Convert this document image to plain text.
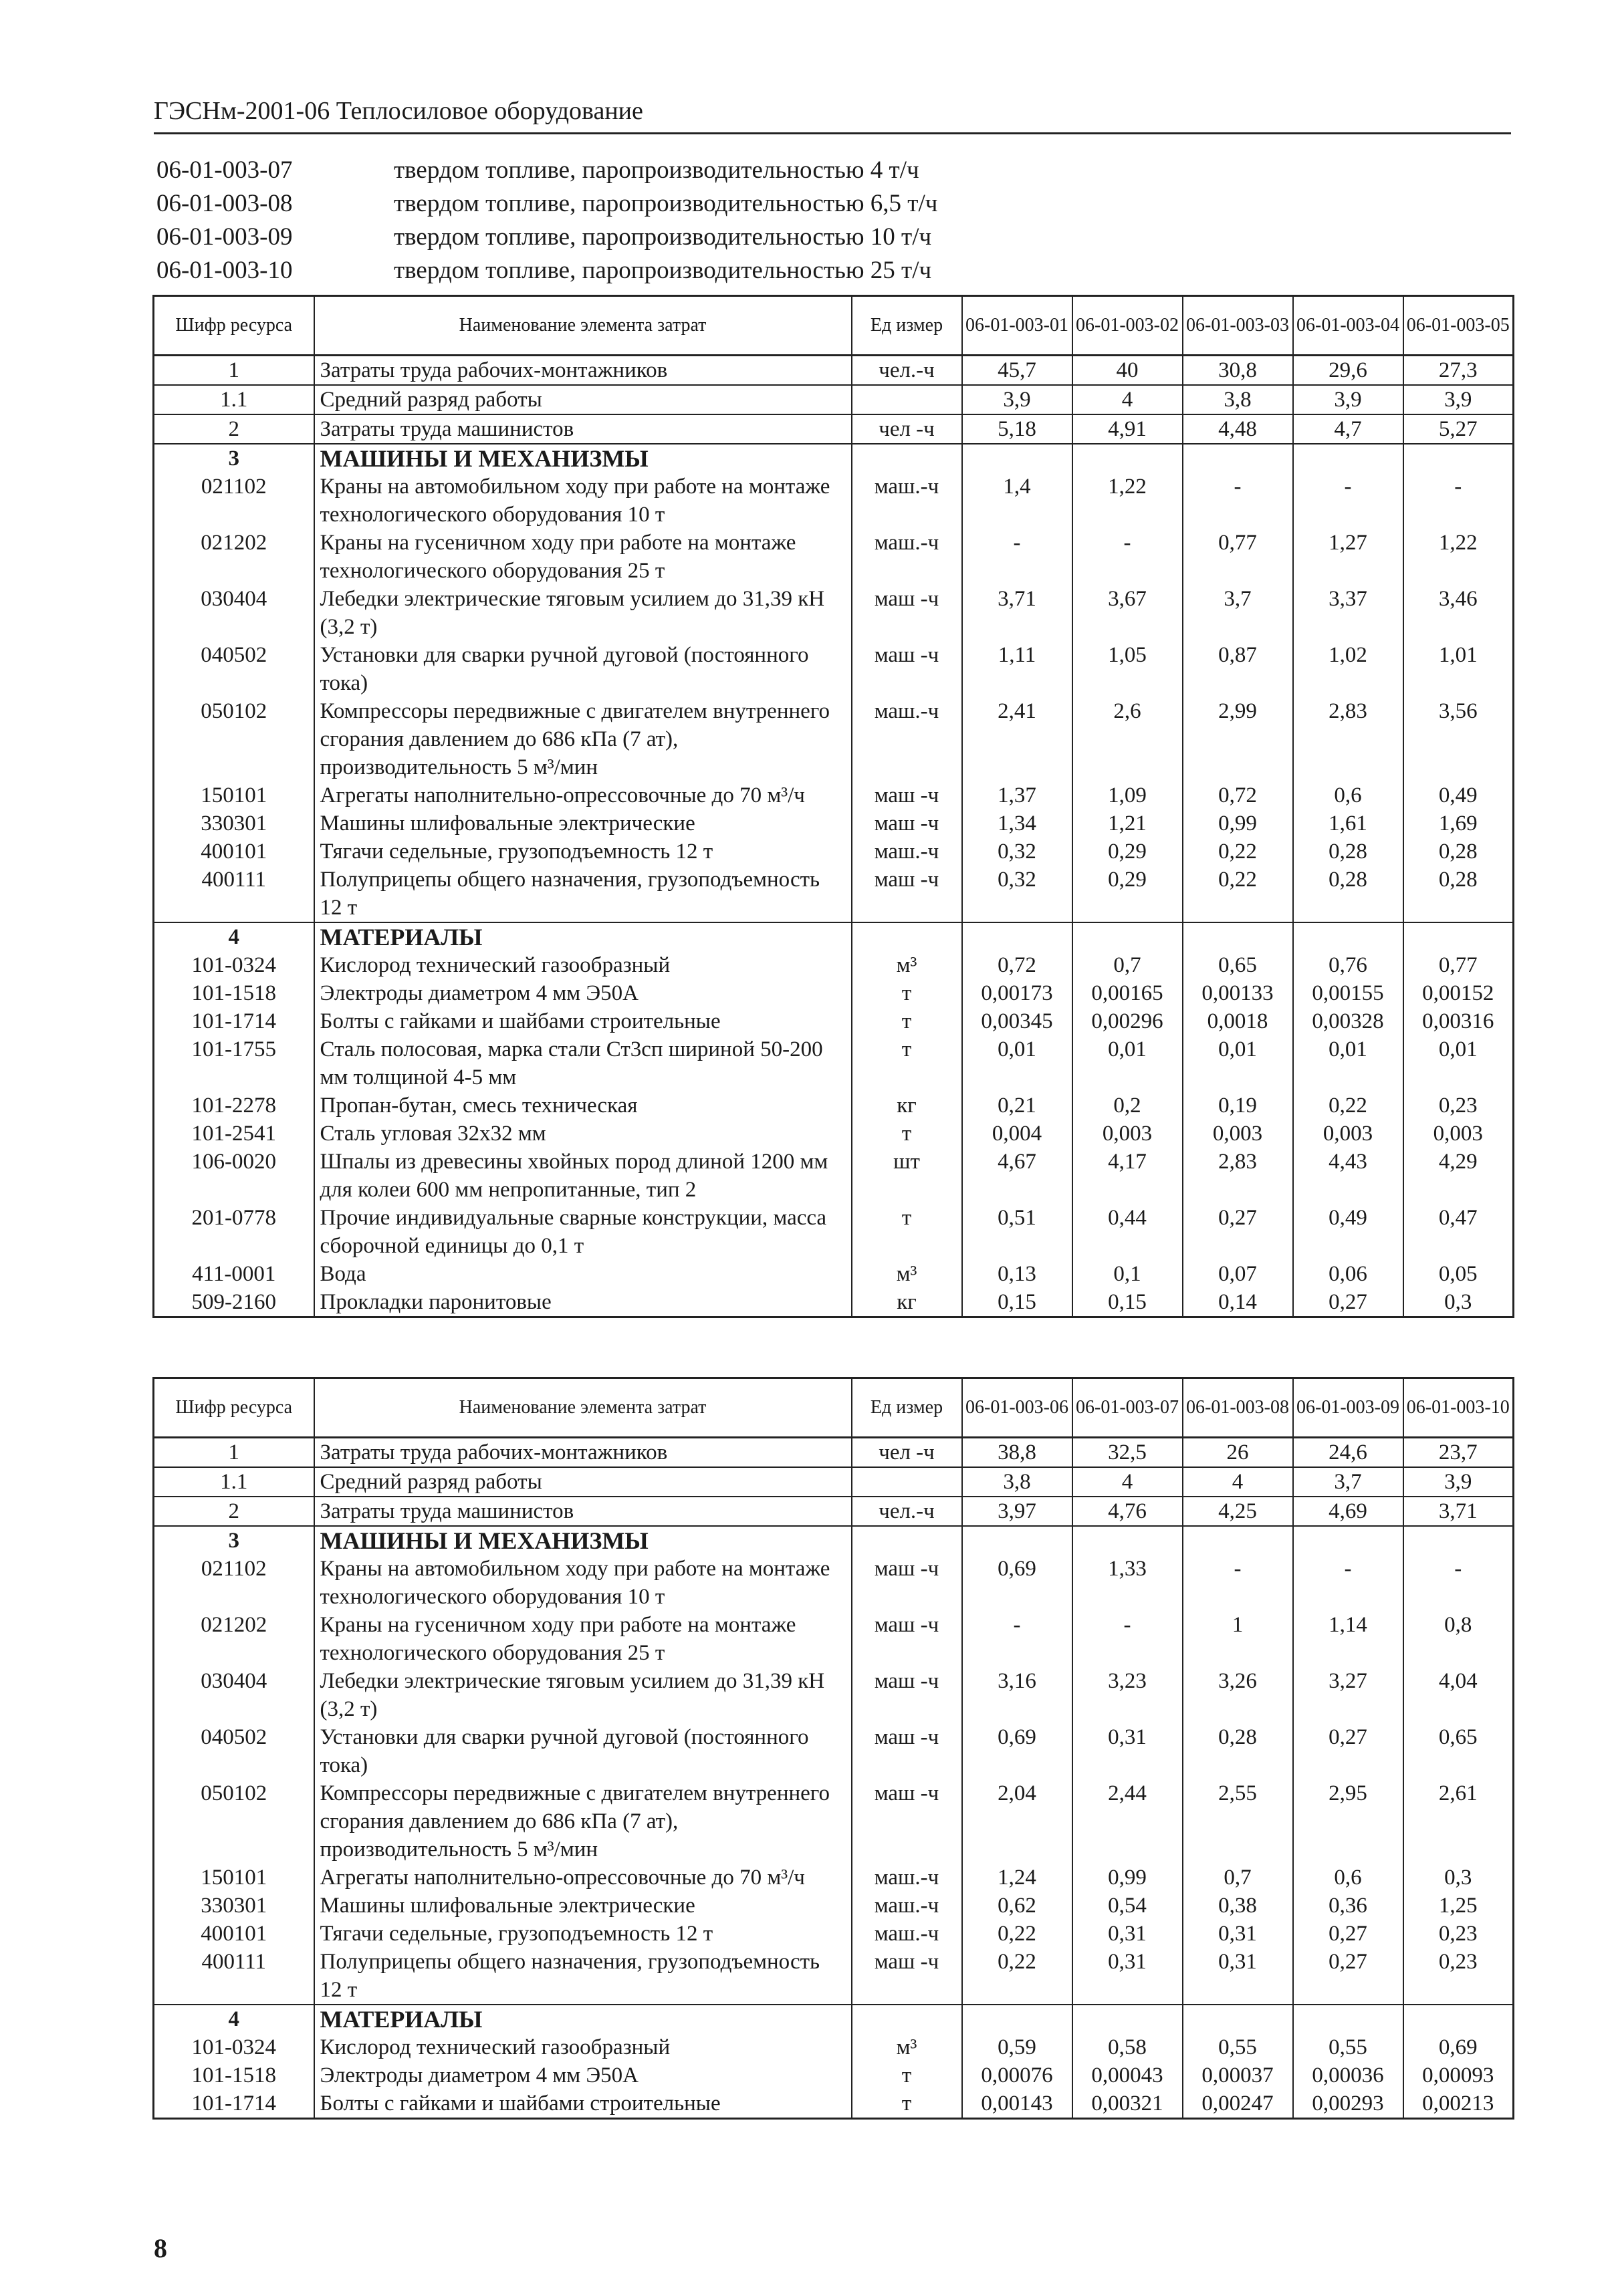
ГЭСНм-2001-06 Теплосиловое оборудование
06-01-003-07	твердом топливе, паропроизводительностью 4 т/ч
06-01-003-08	твердом топливе, паропроизводительностью 6,5 т/ч
06-01-003-09	твердом топливе, паропроизводительностью 10 т/ч
06-01-003-10	твердом топливе, паропроизводительностью 25 т/ч
Шифр ресурса	Наименование элемента затрат	Ед измер	06-01-003-01	06-01-003-02	06-01-003-03	06-01-003-04	06-01-003-05
1	Затраты труда рабочих-монтажников	чел.-ч	45,7	40	30,8	29,6	27,3
1.1	Средний разряд работы		3,9	4	3,8	3,9	3,9
2	Затраты труда машинистов	чел -ч	5,18	4,91	4,48	4,7	5,27
3	МАШИНЫ И МЕХАНИЗМЫ						
021102	Краны на автомобильном ходу при работе на монтаже технологического оборудования 10 т	маш.-ч	1,4	1,22	-	-	-
021202	Краны на гусеничном ходу при работе на монтаже технологического оборудования 25 т	маш.-ч	-	-	0,77	1,27	1,22
030404	Лебедки электрические тяговым усилием до 31,39 кН (3,2 т)	маш -ч	3,71	3,67	3,7	3,37	3,46
040502	Установки для сварки ручной дуговой (постоянного тока)	маш -ч	1,11	1,05	0,87	1,02	1,01
050102	Компрессоры передвижные с двигателем внутреннего сгорания давлением до 686 кПа (7 ат), производительность 5 м³/мин	маш.-ч	2,41	2,6	2,99	2,83	3,56
150101	Агрегаты наполнительно-опрессовочные до 70 м³/ч	маш -ч	1,37	1,09	0,72	0,6	0,49
330301	Машины шлифовальные электрические	маш -ч	1,34	1,21	0,99	1,61	1,69
400101	Тягачи седельные, грузоподъемность 12 т	маш.-ч	0,32	0,29	0,22	0,28	0,28
400111	Полуприцепы общего назначения, грузоподъемность 12 т	маш -ч	0,32	0,29	0,22	0,28	0,28
4	МАТЕРИАЛЫ						
101-0324	Кислород технический газообразный	м³	0,72	0,7	0,65	0,76	0,77
101-1518	Электроды диаметром 4 мм Э50А	т	0,00173	0,00165	0,00133	0,00155	0,00152
101-1714	Болты с гайками и шайбами строительные	т	0,00345	0,00296	0,0018	0,00328	0,00316
101-1755	Сталь полосовая, марка стали Ст3сп шириной 50-200 мм толщиной 4-5 мм	т	0,01	0,01	0,01	0,01	0,01
101-2278	Пропан-бутан, смесь техническая	кг	0,21	0,2	0,19	0,22	0,23
101-2541	Сталь угловая 32х32 мм	т	0,004	0,003	0,003	0,003	0,003
106-0020	Шпалы из древесины хвойных пород длиной 1200 мм для колеи 600 мм непропитанные, тип 2	шт	4,67	4,17	2,83	4,43	4,29
201-0778	Прочие индивидуальные сварные конструкции, масса сборочной единицы до 0,1 т	т	0,51	0,44	0,27	0,49	0,47
411-0001	Вода	м³	0,13	0,1	0,07	0,06	0,05
509-2160	Прокладки паронитовые	кг	0,15	0,15	0,14	0,27	0,3
Шифр ресурса	Наименование элемента затрат	Ед измер	06-01-003-06	06-01-003-07	06-01-003-08	06-01-003-09	06-01-003-10
1	Затраты труда рабочих-монтажников	чел -ч	38,8	32,5	26	24,6	23,7
1.1	Средний разряд работы		3,8	4	4	3,7	3,9
2	Затраты труда машинистов	чел.-ч	3,97	4,76	4,25	4,69	3,71
3	МАШИНЫ И МЕХАНИЗМЫ						
021102	Краны на автомобильном ходу при работе на монтаже технологического оборудования 10 т	маш -ч	0,69	1,33	-	-	-
021202	Краны на гусеничном ходу при работе на монтаже технологического оборудования 25 т	маш -ч	-	-	1	1,14	0,8
030404	Лебедки электрические тяговым усилием до 31,39 кН (3,2 т)	маш -ч	3,16	3,23	3,26	3,27	4,04
040502	Установки для сварки ручной дуговой (постоянного тока)	маш -ч	0,69	0,31	0,28	0,27	0,65
050102	Компрессоры передвижные с двигателем внутреннего сгорания давлением до 686 кПа (7 ат), производительность 5 м³/мин	маш -ч	2,04	2,44	2,55	2,95	2,61
150101	Агрегаты наполнительно-опрессовочные до 70 м³/ч	маш.-ч	1,24	0,99	0,7	0,6	0,3
330301	Машины шлифовальные электрические	маш.-ч	0,62	0,54	0,38	0,36	1,25
400101	Тягачи седельные, грузоподъемность 12 т	маш.-ч	0,22	0,31	0,31	0,27	0,23
400111	Полуприцепы общего назначения, грузоподъемность 12 т	маш -ч	0,22	0,31	0,31	0,27	0,23
4	МАТЕРИАЛЫ						
101-0324	Кислород технический газообразный	м³	0,59	0,58	0,55	0,55	0,69
101-1518	Электроды диаметром 4 мм Э50А	т	0,00076	0,00043	0,00037	0,00036	0,00093
101-1714	Болты с гайками и шайбами строительные	т	0,00143	0,00321	0,00247	0,00293	0,00213
8
